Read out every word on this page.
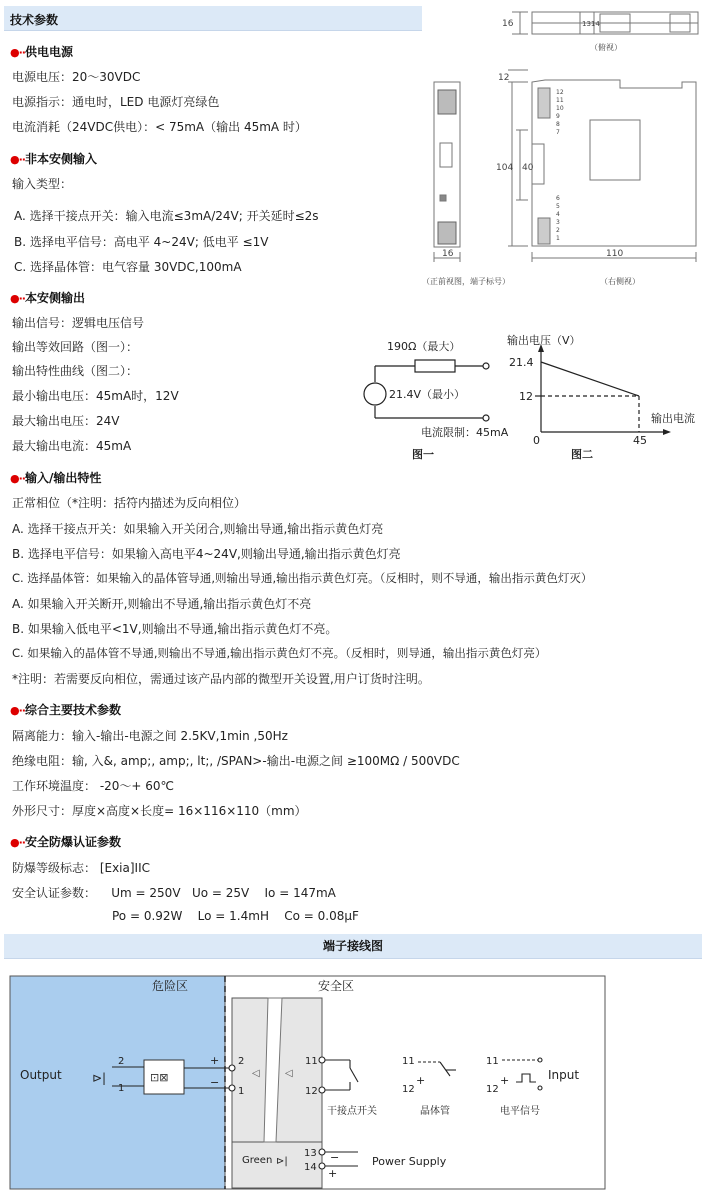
技术参数
●··供电电源
电源电压：20～30VDC
电源指示：通电时，LED 电源灯亮绿色
电流消耗（24VDC供电）：< 75mA（输出 45mA 时）
●··非本安侧输入
输入类型：
A. 选择干接点开关：输入电流≤3mA/24V; 开关延时≤2s
B. 选择电平信号：高电平 4~24V; 低电平 ≤1V
C. 选择晶体管：电气容量 30VDC,100mA
●··本安侧输出
输出信号：逻辑电压信号
输出等效回路（图一）：
输出特性曲线（图二）：
最小输出电压：45mA时，12V
最大输出电压：24V
最大输出电流：45mA
●··输入/输出特性
正常相位（*注明：括符内描述为反向相位）
A. 选择干接点开关：如果输入开关闭合,则输出导通,输出指示黄色灯亮
B. 选择电平信号：如果输入高电平4~24V,则输出导通,输出指示黄色灯亮
C. 选择晶体管：如果输入的晶体管导通,则输出导通,输出指示黄色灯亮。（反相时，则不导通，输出指示黄色灯灭）
A. 如果输入开关断开,则输出不导通,输出指示黄色灯不亮
B. 如果输入低电平<1V,则输出不导通,输出指示黄色灯不亮。
C. 如果输入的晶体管不导通,则输出不导通,输出指示黄色灯不亮。（反相时，则导通，输出指示黄色灯亮）
*注明：若需要反向相位，需通过该产品内部的微型开关设置,用户订货时注明。
●··综合主要技术参数
隔离能力：输入-输出-电源之间 2.5KV,1min ,50Hz
绝缘电阻：输, 入&, amp;, amp;, lt;, /SPAN>-输出-电源之间 ≥100MΩ / 500VDC
工作环境温度： -20～+ 60℃
外形尺寸：厚度×高度×长度= 16×116×110（mm）
●··安全防爆认证参数
防爆等级标志： [Exia]IIC
安全认证参数：    Um = 250V   Uo = 25V    Io = 147mA
Po = 0.92W    Lo = 1.4mH    Co = 0.08μF
端子接线图
16	1314
（俯视）
12
104 40
16	110
（正前视图，端子标号）	（右侧视）
12
11
10
9
8
7
6
5
4
3
2
1
190Ω（最大）
21.4V（最小）
电流限制：45mA
图一
输出电压（V）
输出电流
21.4
12
0	45
图二
危险区	安全区
◁	◁
Output	⊡⊠
⊳|
2
1
+
−
2
1
11
12
干接点开关
11
12
+
晶体管
11
12
+
电平信号
Input
Green ⊳|
13
14
−
+
Power Supply
